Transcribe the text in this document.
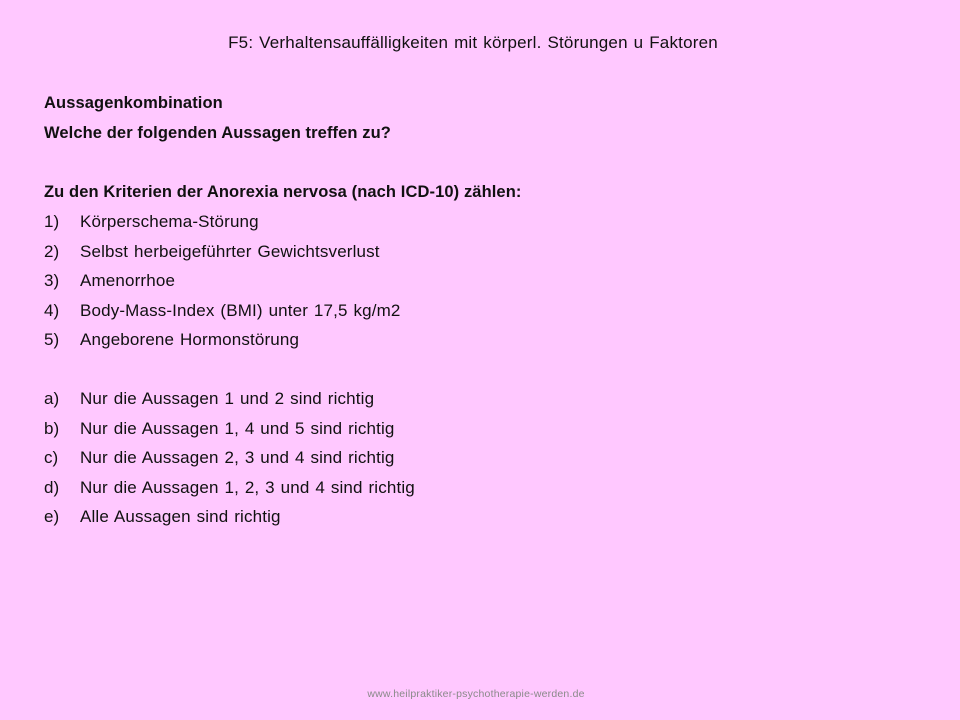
F5: Verhaltensauffälligkeiten mit körperl. Störungen u Faktoren
Aussagenkombination
Welche der folgenden Aussagen treffen zu?
Zu den Kriterien der Anorexia nervosa (nach ICD-10) zählen:
1)	Körperschema-Störung
2)	Selbst herbeigeführter Gewichtsverlust
3)	Amenorrhoe
4)	Body-Mass-Index (BMI) unter 17,5 kg/m2
5)	Angeborene Hormonstörung
a)	Nur die Aussagen 1 und 2 sind richtig
b)	Nur die Aussagen 1, 4 und 5 sind richtig
c)	Nur die Aussagen 2, 3 und 4 sind richtig
d)	Nur die Aussagen 1, 2, 3 und 4 sind richtig
e)	Alle Aussagen sind richtig
www.heilpraktiker-psychotherapie-werden.de
